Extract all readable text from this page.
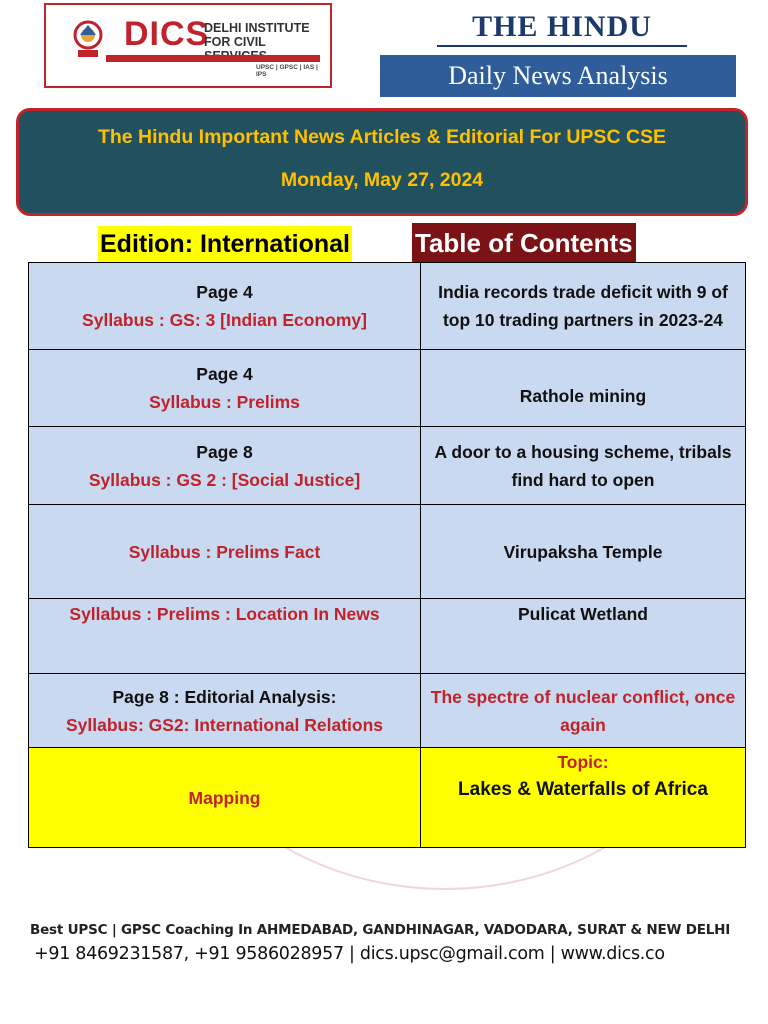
DICS
DELHI INSTITUTE
FOR CIVIL
UPSC | GPSC | IAS | IPS
THE HINDU
Daily News Analysis
The Hindu Important News Articles & Editorial For UPSC CSE
Monday, May 27, 2024
Edition: International	Table of Contents
Page 4
Syllabus : GS: 3 [Indian Economy]	India records trade deficit with 9 of top 10 trading partners in 2023-24

Page 4
Syllabus : Prelims	Rathole mining

Page 8
Syllabus : GS 2 : [Social Justice]	A door to a housing scheme, tribals find hard to open
Syllabus : Prelims Fact	Virupaksha Temple
Syllabus : Prelims : Location In News	Pulicat Wetland

Page 8 : Editorial Analysis:
Syllabus: GS2: International Relations	The spectre of nuclear conflict, once again
Mapping	Topic:
Lakes & Waterfalls of Africa
Best UPSC | GPSC Coaching In AHMEDABAD, GANDHINAGAR, VADODARA, SURAT & NEW DELHI
+91 8469231587, +91 9586028957 | dics.upsc@gmail.com | www.dics.co
